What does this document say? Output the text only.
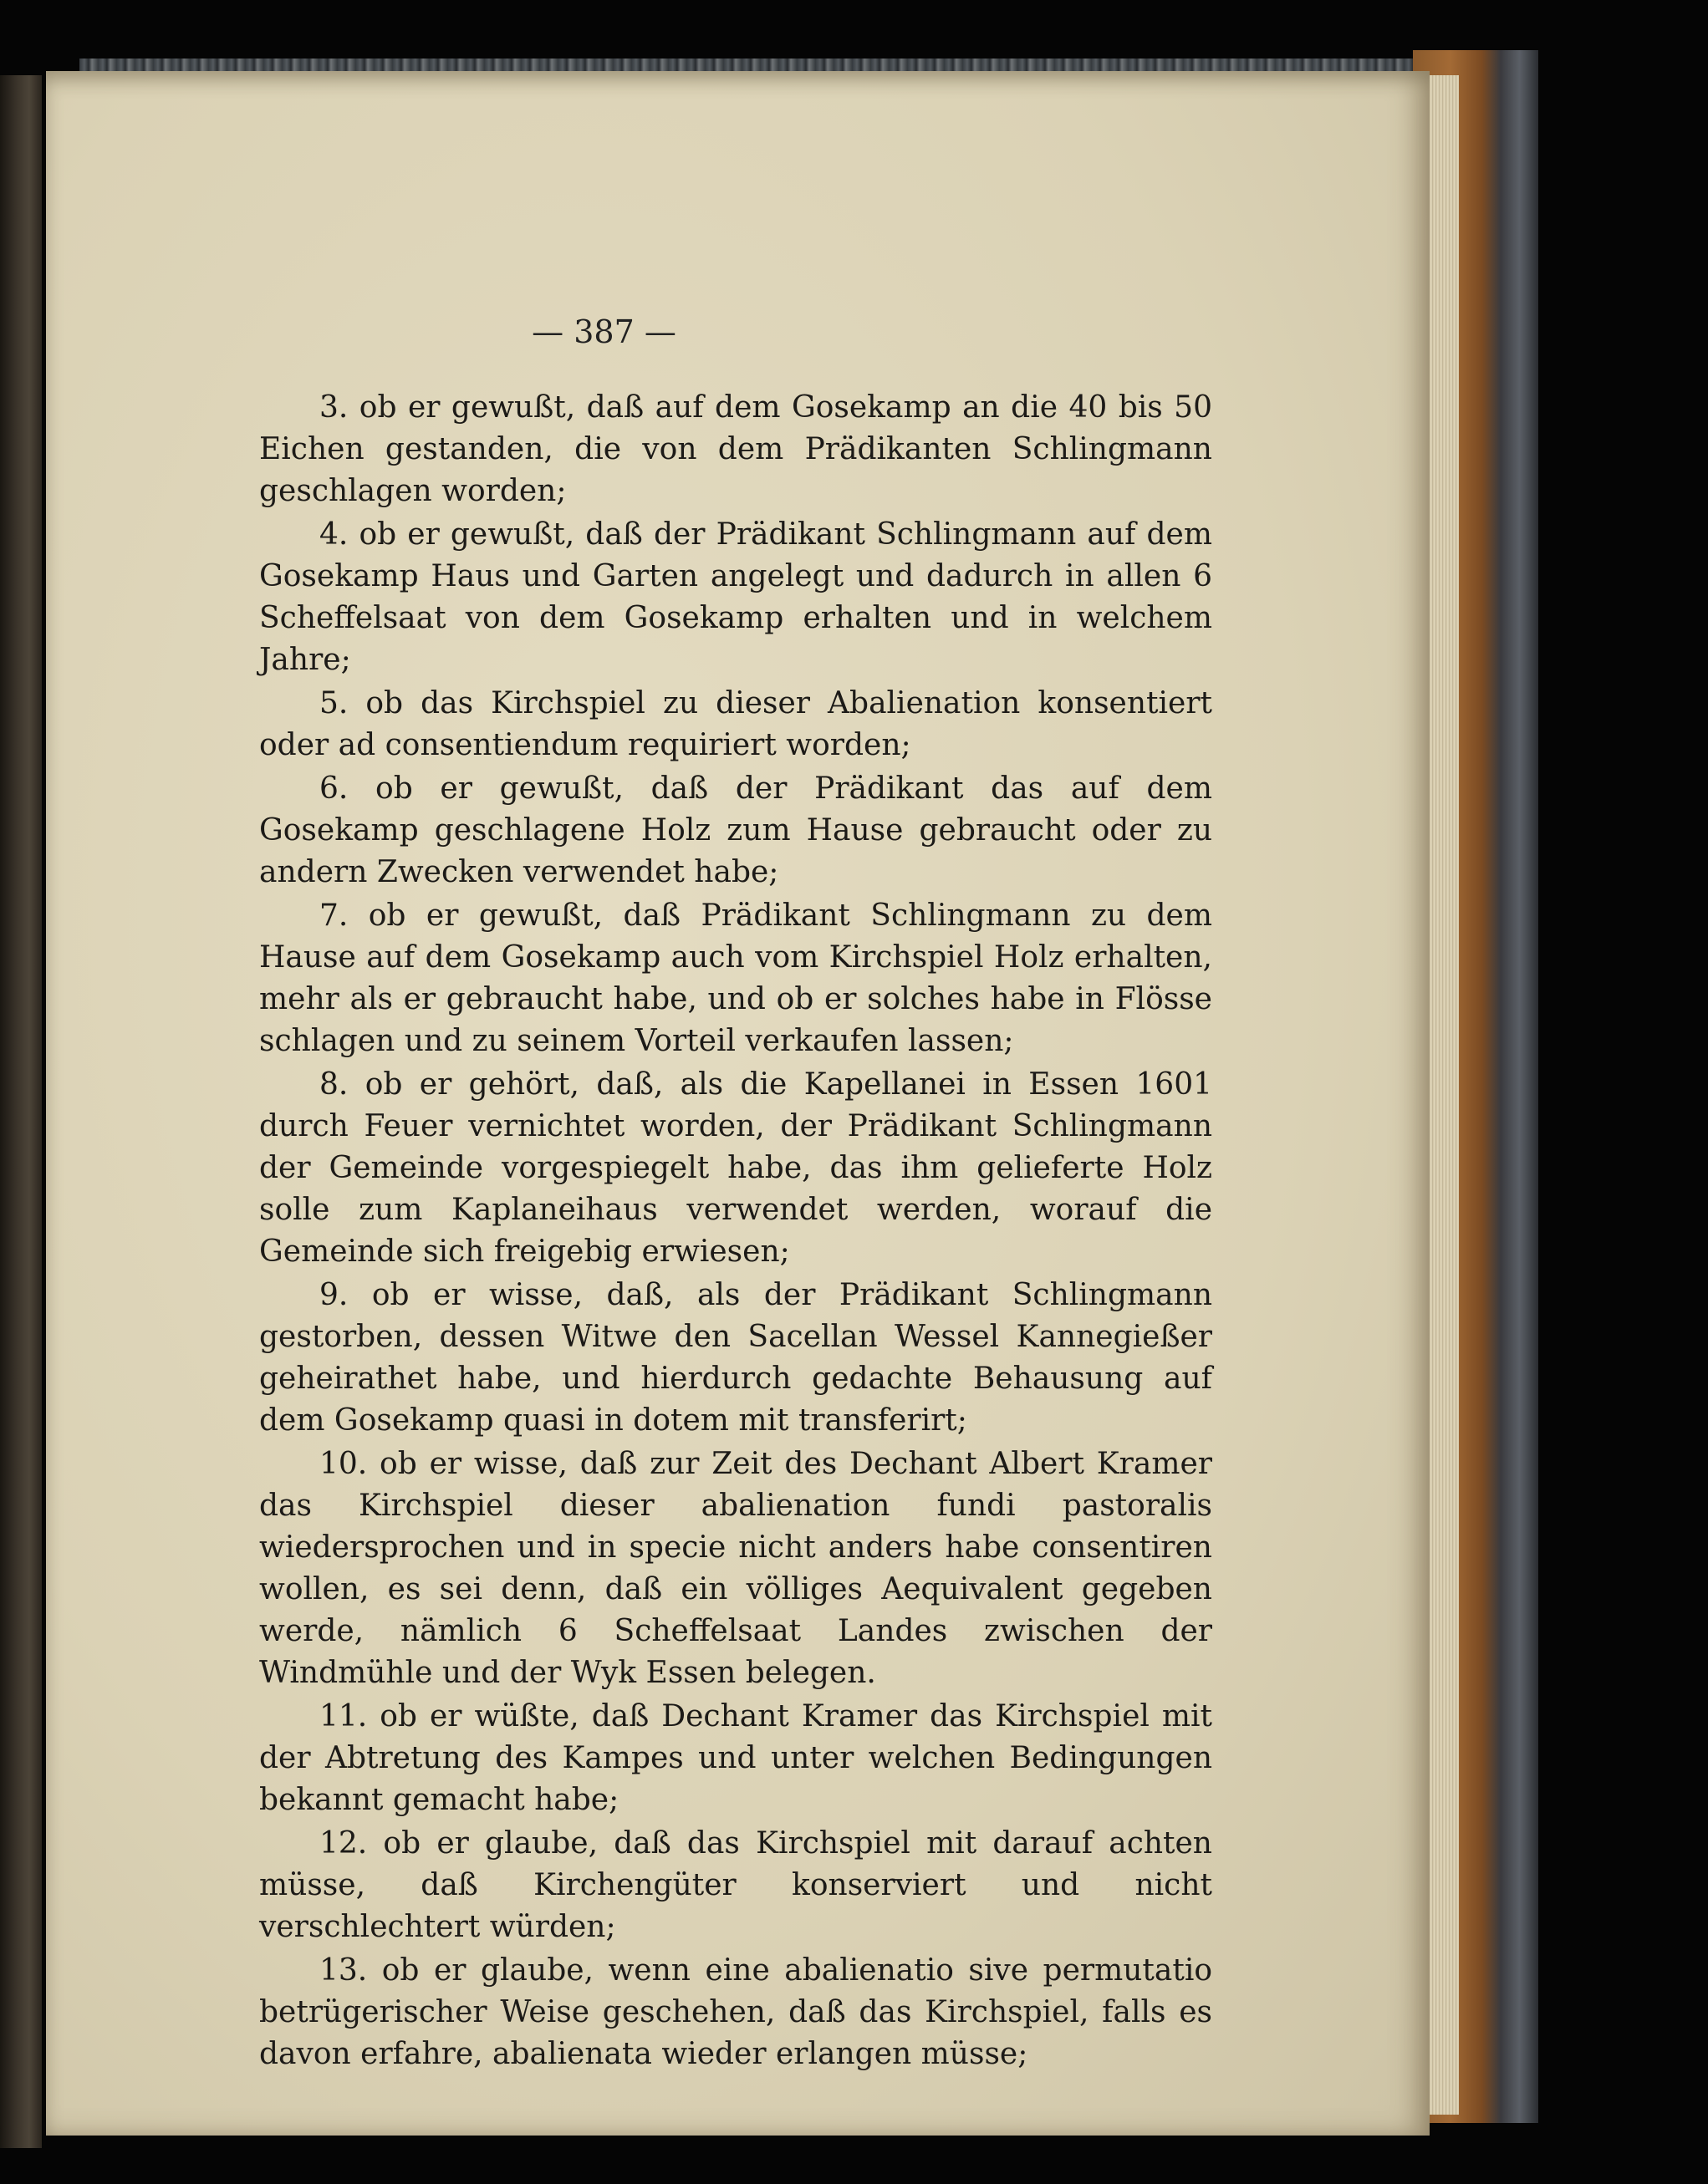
— 387 —

3. ob er gewußt, daß auf dem Gosekamp an die 40 bis 50 Eichen gestanden, die von dem Prädikanten Schlingmann geschlagen worden;

4. ob er gewußt, daß der Prädikant Schlingmann auf dem Gosekamp Haus und Garten angelegt und dadurch in allen 6 Scheffelsaat von dem Gosekamp erhalten und in welchem Jahre;

5. ob das Kirchspiel zu dieser Abalienation konsentiert oder ad consentiendum requiriert worden;

6. ob er gewußt, daß der Prädikant das auf dem Gosekamp geschlagene Holz zum Hause gebraucht oder zu andern Zwecken verwendet habe;

7. ob er gewußt, daß Prädikant Schlingmann zu dem Hause auf dem Gosekamp auch vom Kirchspiel Holz erhalten, mehr als er gebraucht habe, und ob er solches habe in Flösse schlagen und zu seinem Vorteil verkaufen lassen;

8. ob er gehört, daß, als die Kapellanei in Essen 1601 durch Feuer vernichtet worden, der Prädikant Schlingmann der Gemeinde vorgespiegelt habe, das ihm gelieferte Holz solle zum Kaplaneihaus verwendet werden, worauf die Gemeinde sich freigebig erwiesen;

9. ob er wisse, daß, als der Prädikant Schlingmann gestorben, dessen Witwe den Sacellan Wessel Kannegießer geheirathet habe, und hierdurch gedachte Behausung auf dem Gosekamp quasi in dotem mit transferirt;

10. ob er wisse, daß zur Zeit des Dechant Albert Kramer das Kirchspiel dieser abalienation fundi pastoralis wiedersprochen und in specie nicht anders habe consentiren wollen, es sei denn, daß ein völliges Aequivalent gegeben werde, nämlich 6 Scheffelsaat Landes zwischen der Windmühle und der Wyk Essen belegen.

11. ob er wüßte, daß Dechant Kramer das Kirchspiel mit der Abtretung des Kampes und unter welchen Bedingungen bekannt gemacht habe;

12. ob er glaube, daß das Kirchspiel mit darauf achten müsse, daß Kirchengüter konserviert und nicht verschlechtert würden;

13. ob er glaube, wenn eine abalienatio sive permutatio betrügerischer Weise geschehen, daß das Kirchspiel, falls es davon erfahre, abalienata wieder erlangen müsse;
